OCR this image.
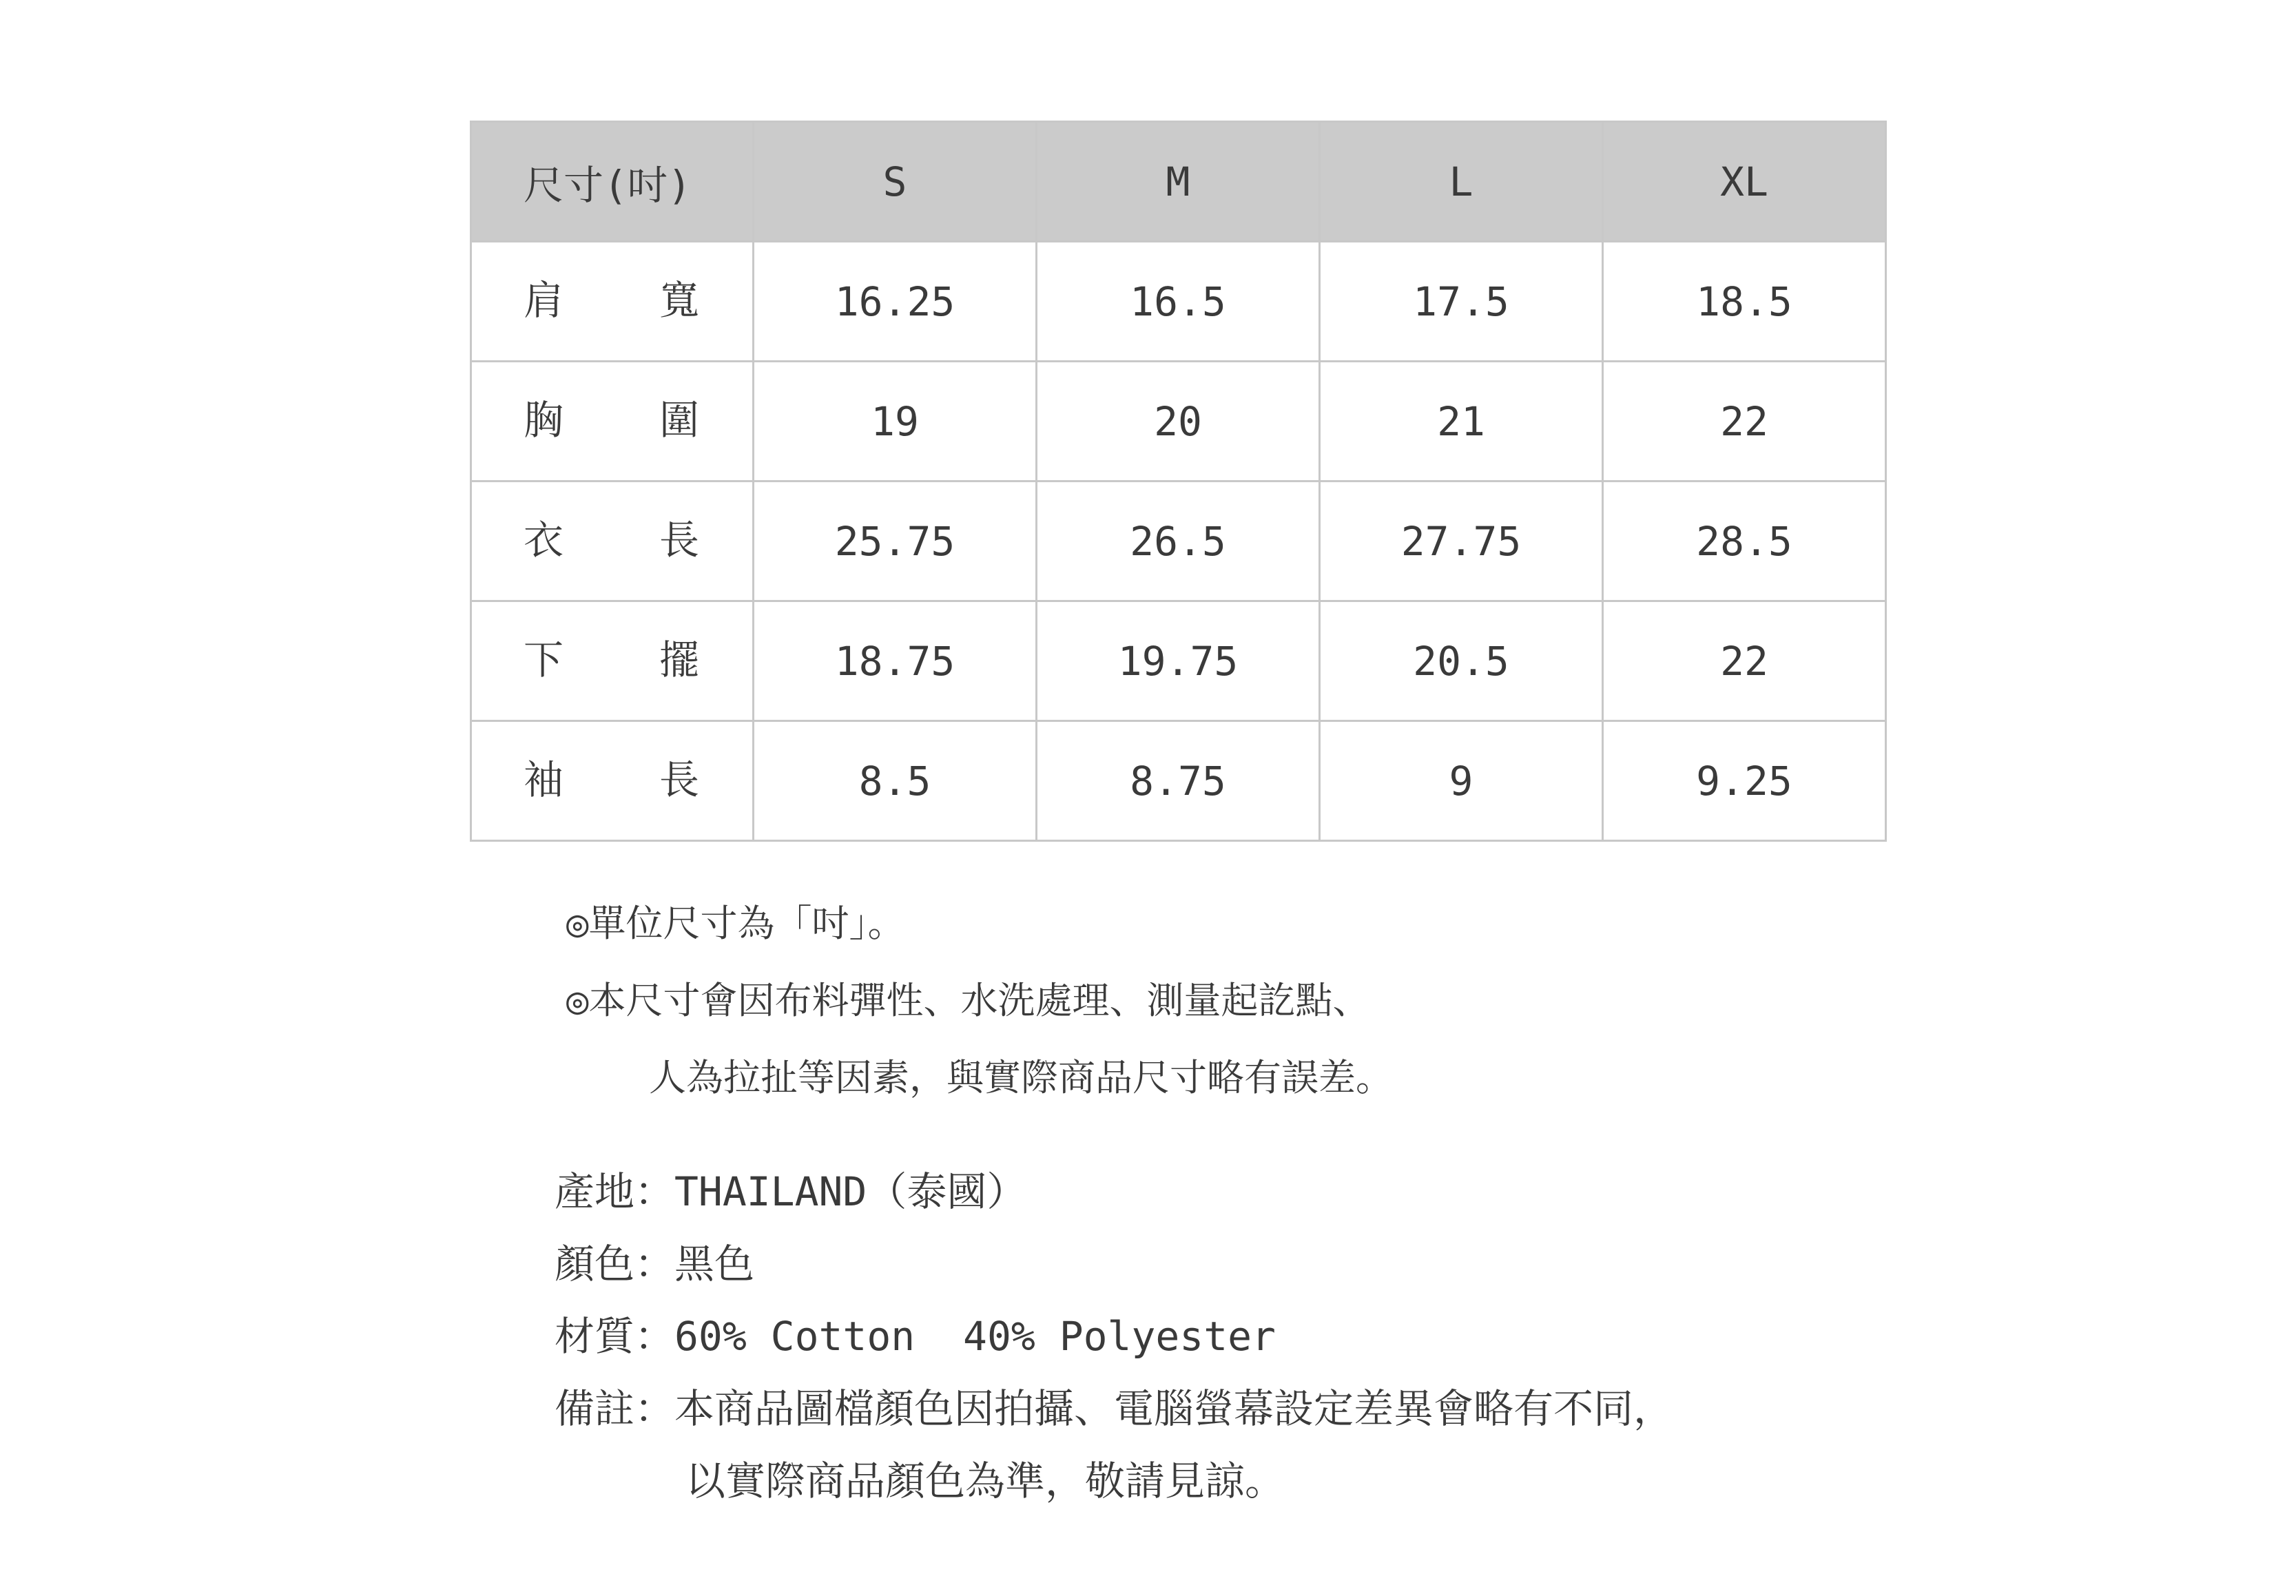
尺寸(吋)	S	M	L	XL

肩 寬	16.25	16.5	17.5	18.5

胸 圍	19	20	21	22

衣 長	25.75	26.5	27.75	28.5

下 擺	18.75	19.75	20.5	22

袖 長	8.5	8.75	9	9.25
◎單位尺寸為「吋」。
◎本尺寸會因布料彈性、水洗處理、測量起訖點、
人為拉扯等因素，與實際商品尺寸略有誤差。
產地：THAILAND（泰國）
顏色：黑色
材質：60% Cotton  40% Polyester
備註：本商品圖檔顏色因拍攝、電腦螢幕設定差異會略有不同，
以實際商品顏色為準，敬請見諒。
